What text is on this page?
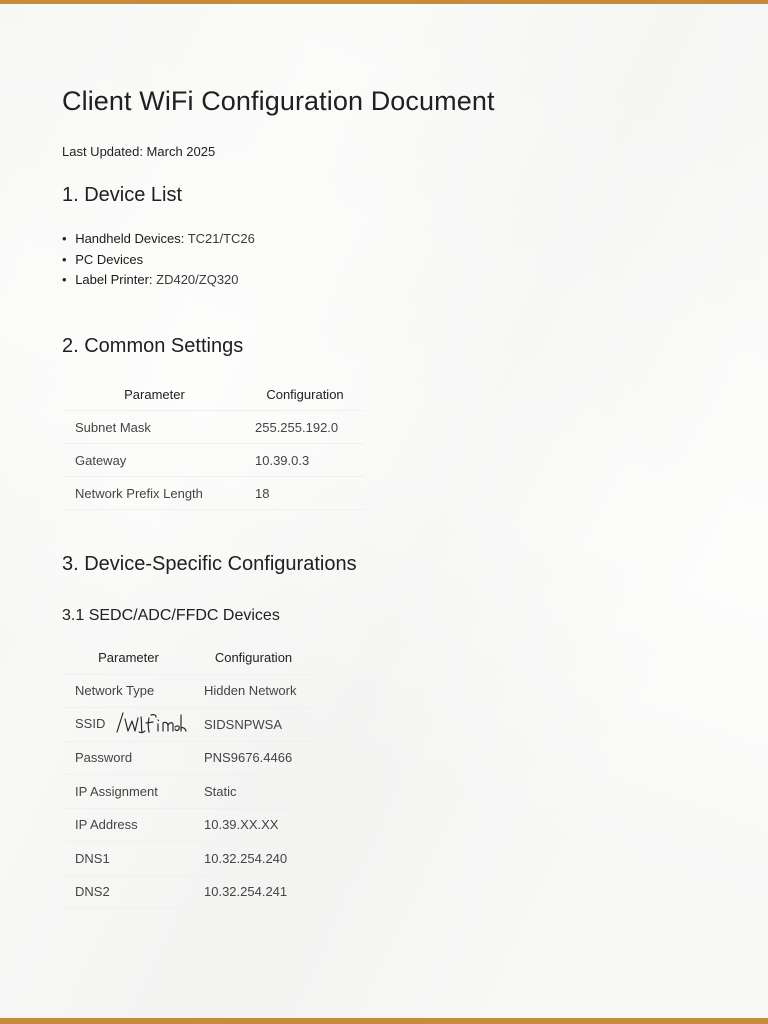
Client WiFi Configuration Document

Last Updated: March 2025

1. Device List
• Handheld Devices: TC21/TC26
• PC Devices
• Label Printer: ZD420/ZQ320
2. Common Settings
Parameter	Configuration
Subnet Mask	255.255.192.0
Gateway	10.39.0.3
Network Prefix Length	18
3. Device-Specific Configurations
3.1 SEDC/ADC/FFDC Devices
Parameter	Configuration
Network Type	Hidden Network
SSID	SIDSNPWSA
Password	PNS9676.4466
IP Assignment	Static
IP Address	10.39.XX.XX
DNS1	10.32.254.240
DNS2	10.32.254.241
